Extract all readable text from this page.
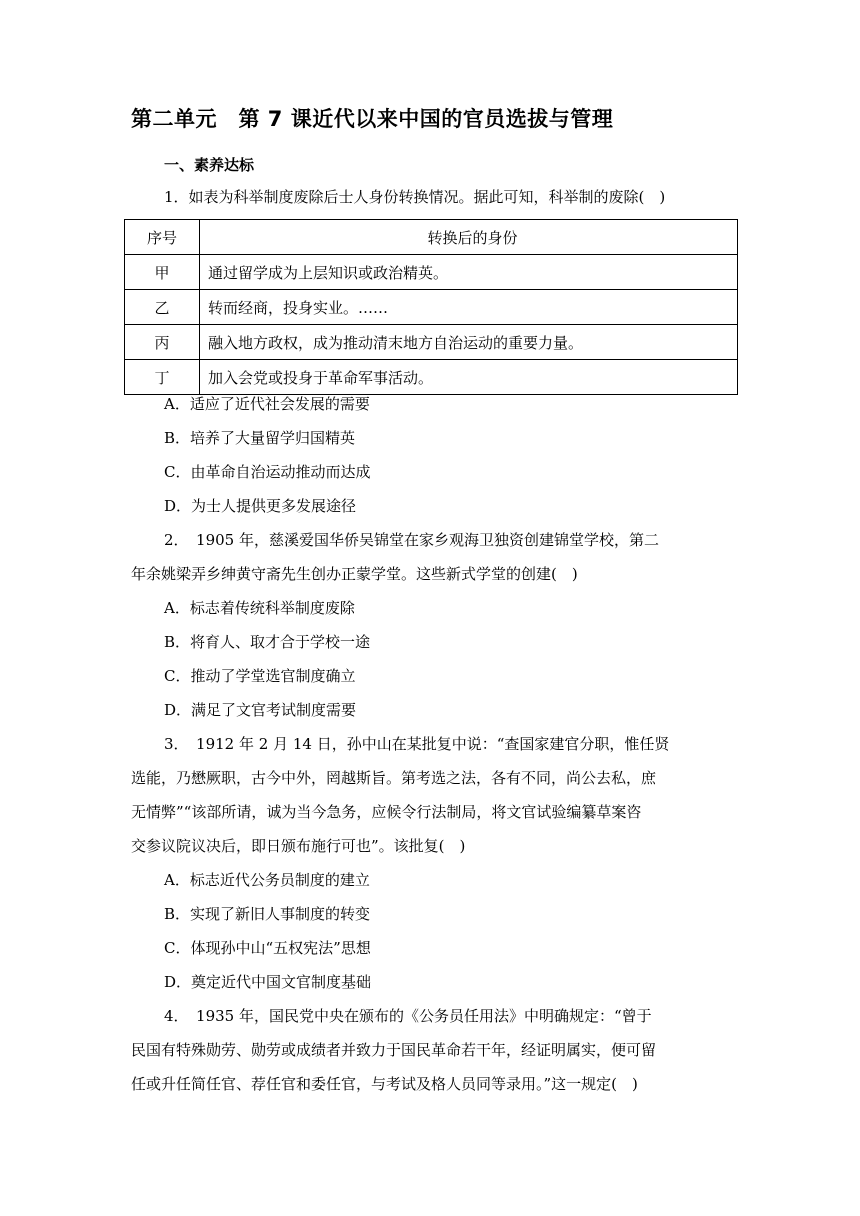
第二单元　第 7 课近代以来中国的官员选拔与管理
一、素养达标
1．如表为科举制度废除后士人身份转换情况。据此可知，科举制的废除(　)
序号	转换后的身份
甲	通过留学成为上层知识或政治精英。
乙	转而经商，投身实业。……
丙	融入地方政权，成为推动清末地方自治运动的重要力量。
丁	加入会党或投身于革命军事活动。
A．适应了近代社会发展的需要
B．培养了大量留学归国精英
C．由革命自治运动推动而达成
D．为士人提供更多发展途径
2．　1905 年，慈溪爱国华侨吴锦堂在家乡观海卫独资创建锦堂学校，第二
年余姚梁弄乡绅黄守斋先生创办正蒙学堂。这些新式学堂的创建(　)
A．标志着传统科举制度废除
B．将育人、取才合于学校一途
C．推动了学堂选官制度确立
D．满足了文官考试制度需要
3．　1912 年 2 月 14 日，孙中山在某批复中说：“查国家建官分职，惟任贤
选能，乃懋厥职，古今中外，罔越斯旨。第考选之法，各有不同，尚公去私，庶
无情弊”“该部所请，诚为当今急务，应候令行法制局，将文官试验编纂草案咨
交参议院议决后，即日颁布施行可也”。该批复(　)
A．标志近代公务员制度的建立
B．实现了新旧人事制度的转变
C．体现孙中山“五权宪法”思想
D．奠定近代中国文官制度基础
4．　1935 年，国民党中央在颁布的《公务员任用法》中明确规定：“曾于
民国有特殊勋劳、勋劳或成绩者并致力于国民革命若干年，经证明属实，便可留
任或升任简任官、荐任官和委任官，与考试及格人员同等录用。”这一规定(　)
